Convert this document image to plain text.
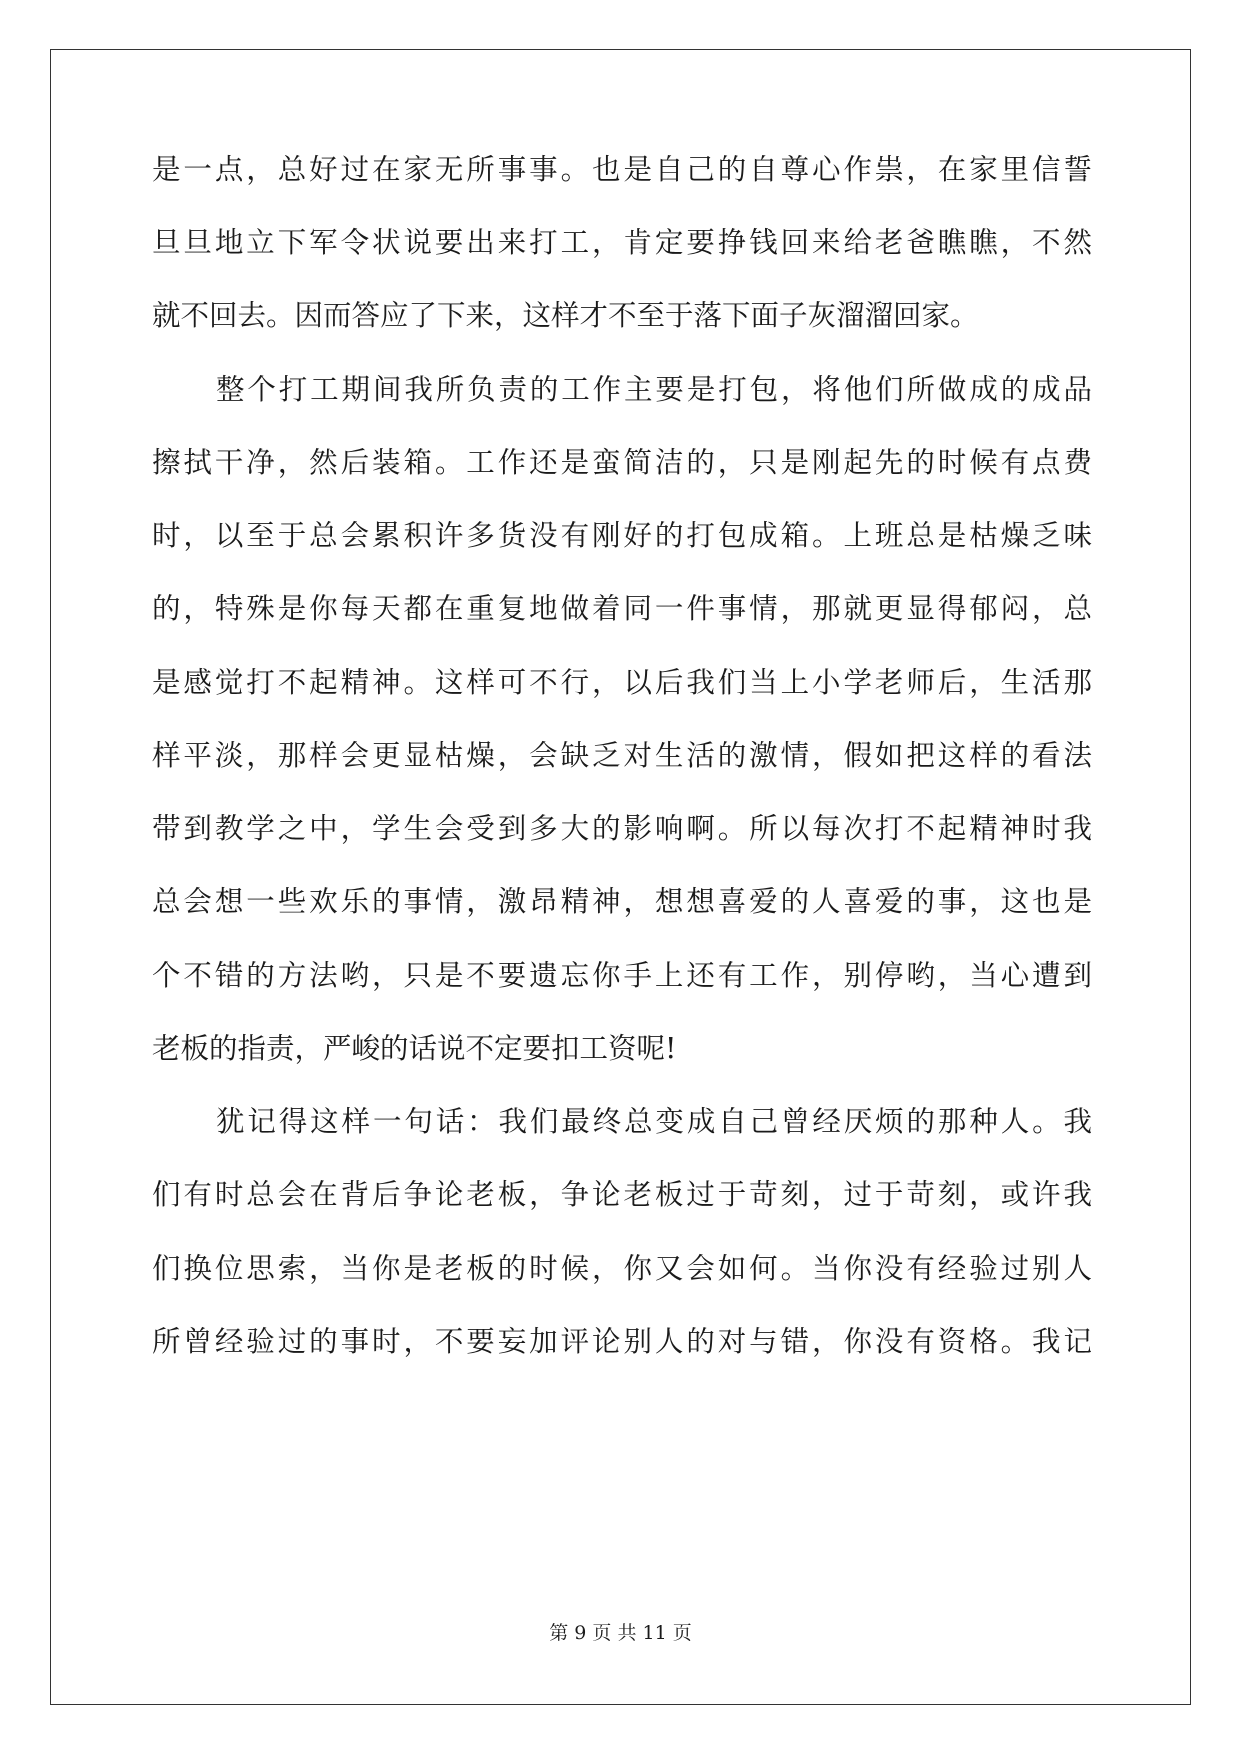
是一点，总好过在家无所事事。也是自己的自尊心作祟，在家里信誓
旦旦地立下军令状说要出来打工，肯定要挣钱回来给老爸瞧瞧，不然
就不回去。因而答应了下来，这样才不至于落下面子灰溜溜回家。
整个打工期间我所负责的工作主要是打包，将他们所做成的成品
擦拭干净，然后装箱。工作还是蛮简洁的，只是刚起先的时候有点费
时，以至于总会累积许多货没有刚好的打包成箱。上班总是枯燥乏味
的，特殊是你每天都在重复地做着同一件事情，那就更显得郁闷，总
是感觉打不起精神。这样可不行，以后我们当上小学老师后，生活那
样平淡，那样会更显枯燥，会缺乏对生活的激情，假如把这样的看法
带到教学之中，学生会受到多大的影响啊。所以每次打不起精神时我
总会想一些欢乐的事情，激昂精神，想想喜爱的人喜爱的事，这也是
个不错的方法哟，只是不要遗忘你手上还有工作，别停哟，当心遭到
老板的指责，严峻的话说不定要扣工资呢!
犹记得这样一句话：我们最终总变成自己曾经厌烦的那种人。我
们有时总会在背后争论老板，争论老板过于苛刻，过于苛刻，或许我
们换位思索，当你是老板的时候，你又会如何。当你没有经验过别人
所曾经验过的事时，不要妄加评论别人的对与错，你没有资格。我记
第 9 页 共 11 页
